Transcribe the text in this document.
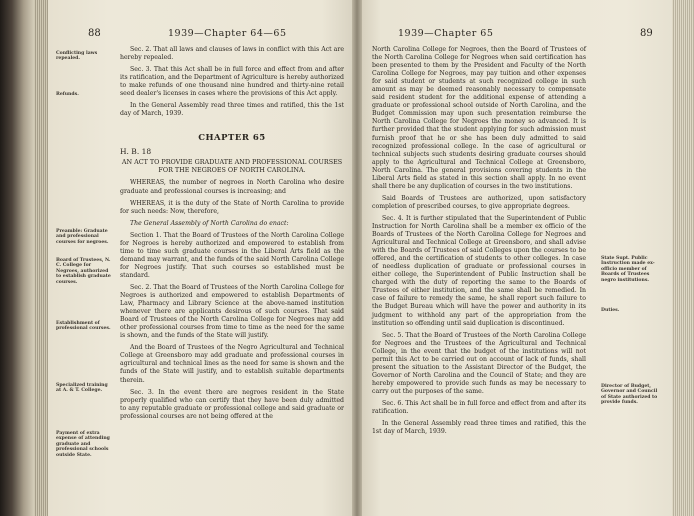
88	1939—Chapter 64—65
Conflicting laws repealed.
Refunds.
Preamble: Graduate and professional courses for negroes.
Board of Trustees, N. C. College for Negroes, authorized to establish graduate courses.
Establishment of professional courses.
Specialized training at A. & T. College.
Payment of extra expense of attending graduate and professional schools outside State.

Sec. 2. That all laws and clauses of laws in conflict with this Act are hereby repealed.

Sec. 3. That this Act shall be in full force and effect from and after its ratification, and the Department of Agriculture is hereby authorized to make refunds of one thousand nine hundred and thirty-nine retail seed dealer's licenses in cases where the provisions of this Act apply.

In the General Assembly read three times and ratified, this the 1st day of March, 1939.

CHAPTER 65
H. B. 18
AN ACT TO PROVIDE GRADUATE AND PROFESSIONAL COURSES FOR THE NEGROES OF NORTH CAROLINA.

WHEREAS, the number of negroes in North Carolina who desire graduate and professional courses is increasing; and

WHEREAS, it is the duty of the State of North Carolina to provide for such needs: Now, therefore,

The General Assembly of North Carolina do enact:

Section 1. That the Board of Trustees of the North Carolina College for Negroes is hereby authorized and empowered to establish from time to time such graduate courses in the Liberal Arts field as the demand may warrant, and the funds of the said North Carolina College for Negroes justify. That such courses so established must be standard.

Sec. 2. That the Board of Trustees of the North Carolina College for Negroes is authorized and empowered to establish Departments of Law, Pharmacy and Library Science at the above-named institution whenever there are applicants desirous of such courses. That said Board of Trustees of the North Carolina College for Negroes may add other professional courses from time to time as the need for the same is shown, and the funds of the State will justify.

And the Board of Trustees of the Negro Agricultural and Technical College at Greensboro may add graduate and professional courses in agricultural and technical lines as the need for same is shown and the funds of the State will justify, and to establish suitable departments therein.

Sec. 3. In the event there are negroes resident in the State properly qualified who can certify that they have been duly admitted to any reputable graduate or professional college and said graduate or professional courses are not being offered at the

1939—Chapter 65	89
State Supt. Public Instruction made ex-officio member of Boards of Trustees negro institutions.
Duties.
Director of Budget, Governor and Council of State authorized to provide funds.

North Carolina College for Negroes, then the Board of Trustees of the North Carolina College for Negroes when said certification has been presented to them by the President and Faculty of the North Carolina College for Negroes, may pay tuition and other expenses for said student or students at such recognized college in such amount as may be deemed reasonably necessary to compensate said resident student for the additional expense of attending a graduate or professional school outside of North Carolina, and the Budget Commission may upon such presentation reimburse the North Carolina College for Negroes the money so advanced. It is further provided that the student applying for such admission must furnish proof that he or she has been duly admitted to said recognized professional college. In the case of agricultural or technical subjects such students desiring graduate courses should apply to the Agricultural and Technical College at Greensboro, North Carolina. The general provisions covering students in the Liberal Arts field as stated in this section shall apply. In no event shall there be any duplication of courses in the two institutions.

Said Boards of Trustees are authorized, upon satisfactory completion of prescribed courses, to give appropriate degrees.

Sec. 4. It is further stipulated that the Superintendent of Public Instruction for North Carolina shall be a member ex officio of the Boards of Trustees of the North Carolina College for Negroes and Agricultural and Technical College at Greensboro, and shall advise with the Boards of Trustees of said Colleges upon the courses to be offered, and the certification of students to other colleges. In case of needless duplication of graduate or professional courses in either college, the Superintendent of Public Instruction shall be charged with the duty of reporting the same to the Boards of Trustees of either institution, and the same shall be remedied. In case of failure to remedy the same, he shall report such failure to the Budget Bureau which will have the power and authority in its judgment to withhold any part of the appropriation from the institution so offending until said duplication is discontinued.

Sec. 5. That the Board of Trustees of the North Carolina College for Negroes and the Trustees of the Agricultural and Technical College, in the event that the budget of the institutions will not permit this Act to be carried out on account of lack of funds, shall present the situation to the Assistant Director of the Budget, the Governor of North Carolina and the Council of State; and they are hereby empowered to provide such funds as may be necessary to carry out the purposes of the same.

Sec. 6. This Act shall be in full force and effect from and after its ratification.

In the General Assembly read three times and ratified, this the 1st day of March, 1939.
